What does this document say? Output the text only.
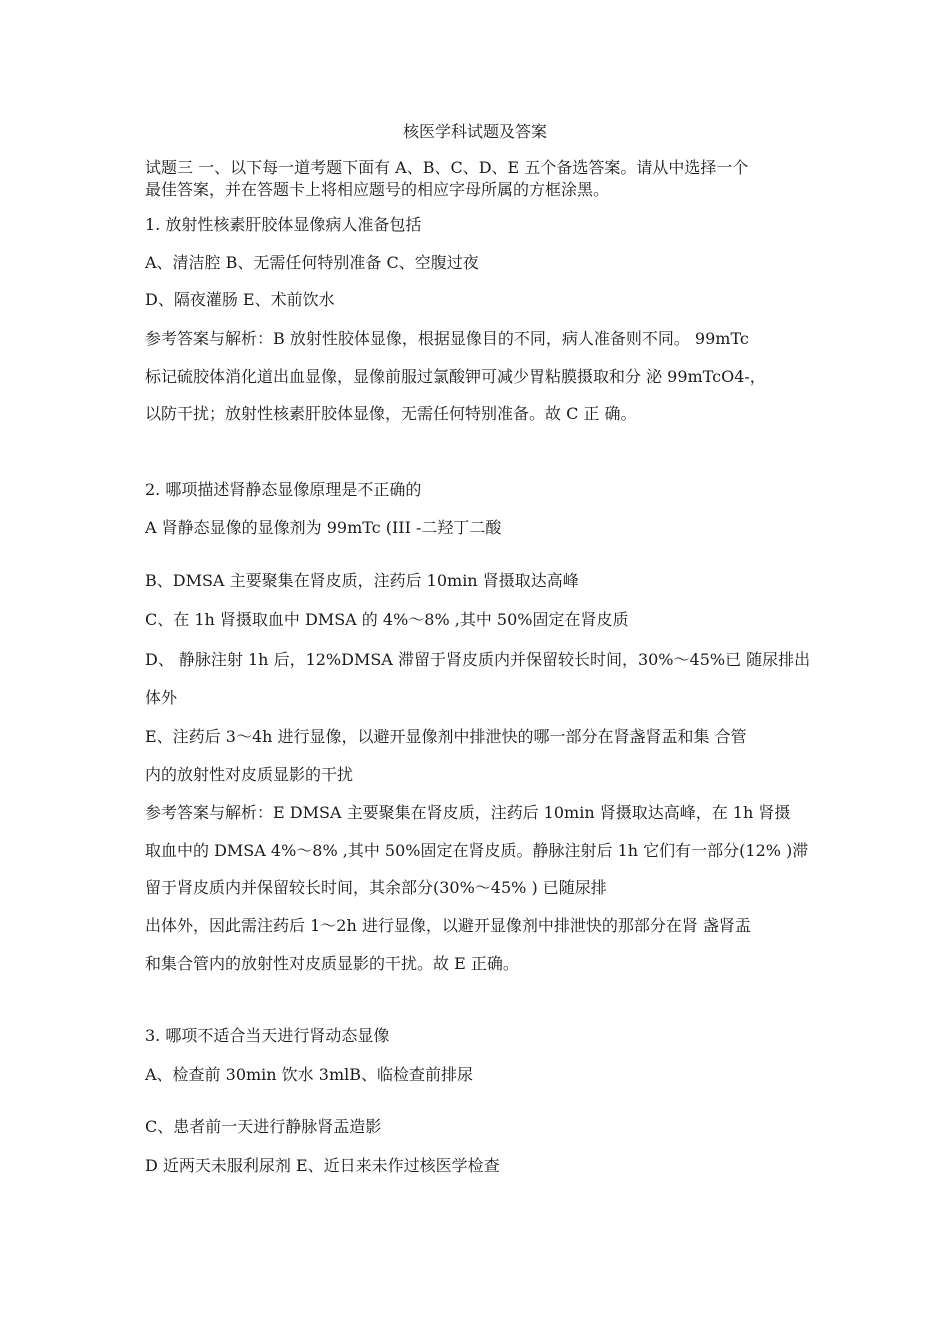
核医学科试题及答案
试题三 一、以下每一道考题下面有 A、B、C、D、E 五个备选答案。请从中选择一个
最佳答案，并在答题卡上将相应题号的相应字母所属的方框涂黑。
1. 放射性核素肝胶体显像病人准备包括
A、清洁腔 B、无需任何特别准备 C、空腹过夜
D、隔夜灌肠 E、术前饮水
参考答案与解析：B 放射性胶体显像，根据显像目的不同，病人准备则不同。 99mTc
标记硫胶体消化道出血显像，显像前服过氯酸钾可减少胃粘膜摄取和分 泌 99mTcO4-，
以防干扰；放射性核素肝胶体显像，无需任何特别准备。故 C 正 确。
2. 哪项描述肾静态显像原理是不正确的
A 肾静态显像的显像剂为 99mTc (III -二羟丁二酸
B、DMSA 主要聚集在肾皮质，注药后 10min 肾摄取达高峰
C、在 1h 肾摄取血中 DMSA 的 4%〜8% ,其中 50%固定在肾皮质
D、 静脉注射 1h 后，12%DMSA 滞留于肾皮质内并保留较长时间，30%〜45%已 随尿排出
体外
E、注药后 3〜4h 进行显像，以避开显像剂中排泄快的哪一部分在肾盏肾盂和集 合管
内的放射性对皮质显影的干扰
参考答案与解析：E DMSA 主要聚集在肾皮质，注药后 10min 肾摄取达高峰，在 1h 肾摄
取血中的 DMSA 4%〜8% ,其中 50%固定在肾皮质。静脉注射后 1h 它们有一部分(12% )滞
留于肾皮质内并保留较长时间，其余部分(30%〜45% ) 已随尿排
出体外，因此需注药后 1〜2h 进行显像，以避开显像剂中排泄快的那部分在肾 盏肾盂
和集合管内的放射性对皮质显影的干扰。故 E 正确。
3. 哪项不适合当天进行肾动态显像
A、检查前 30min 饮水 3mlB、临检查前排尿
C、患者前一天进行静脉肾盂造影
D 近两天未服利尿剂 E、近日来未作过核医学检查
